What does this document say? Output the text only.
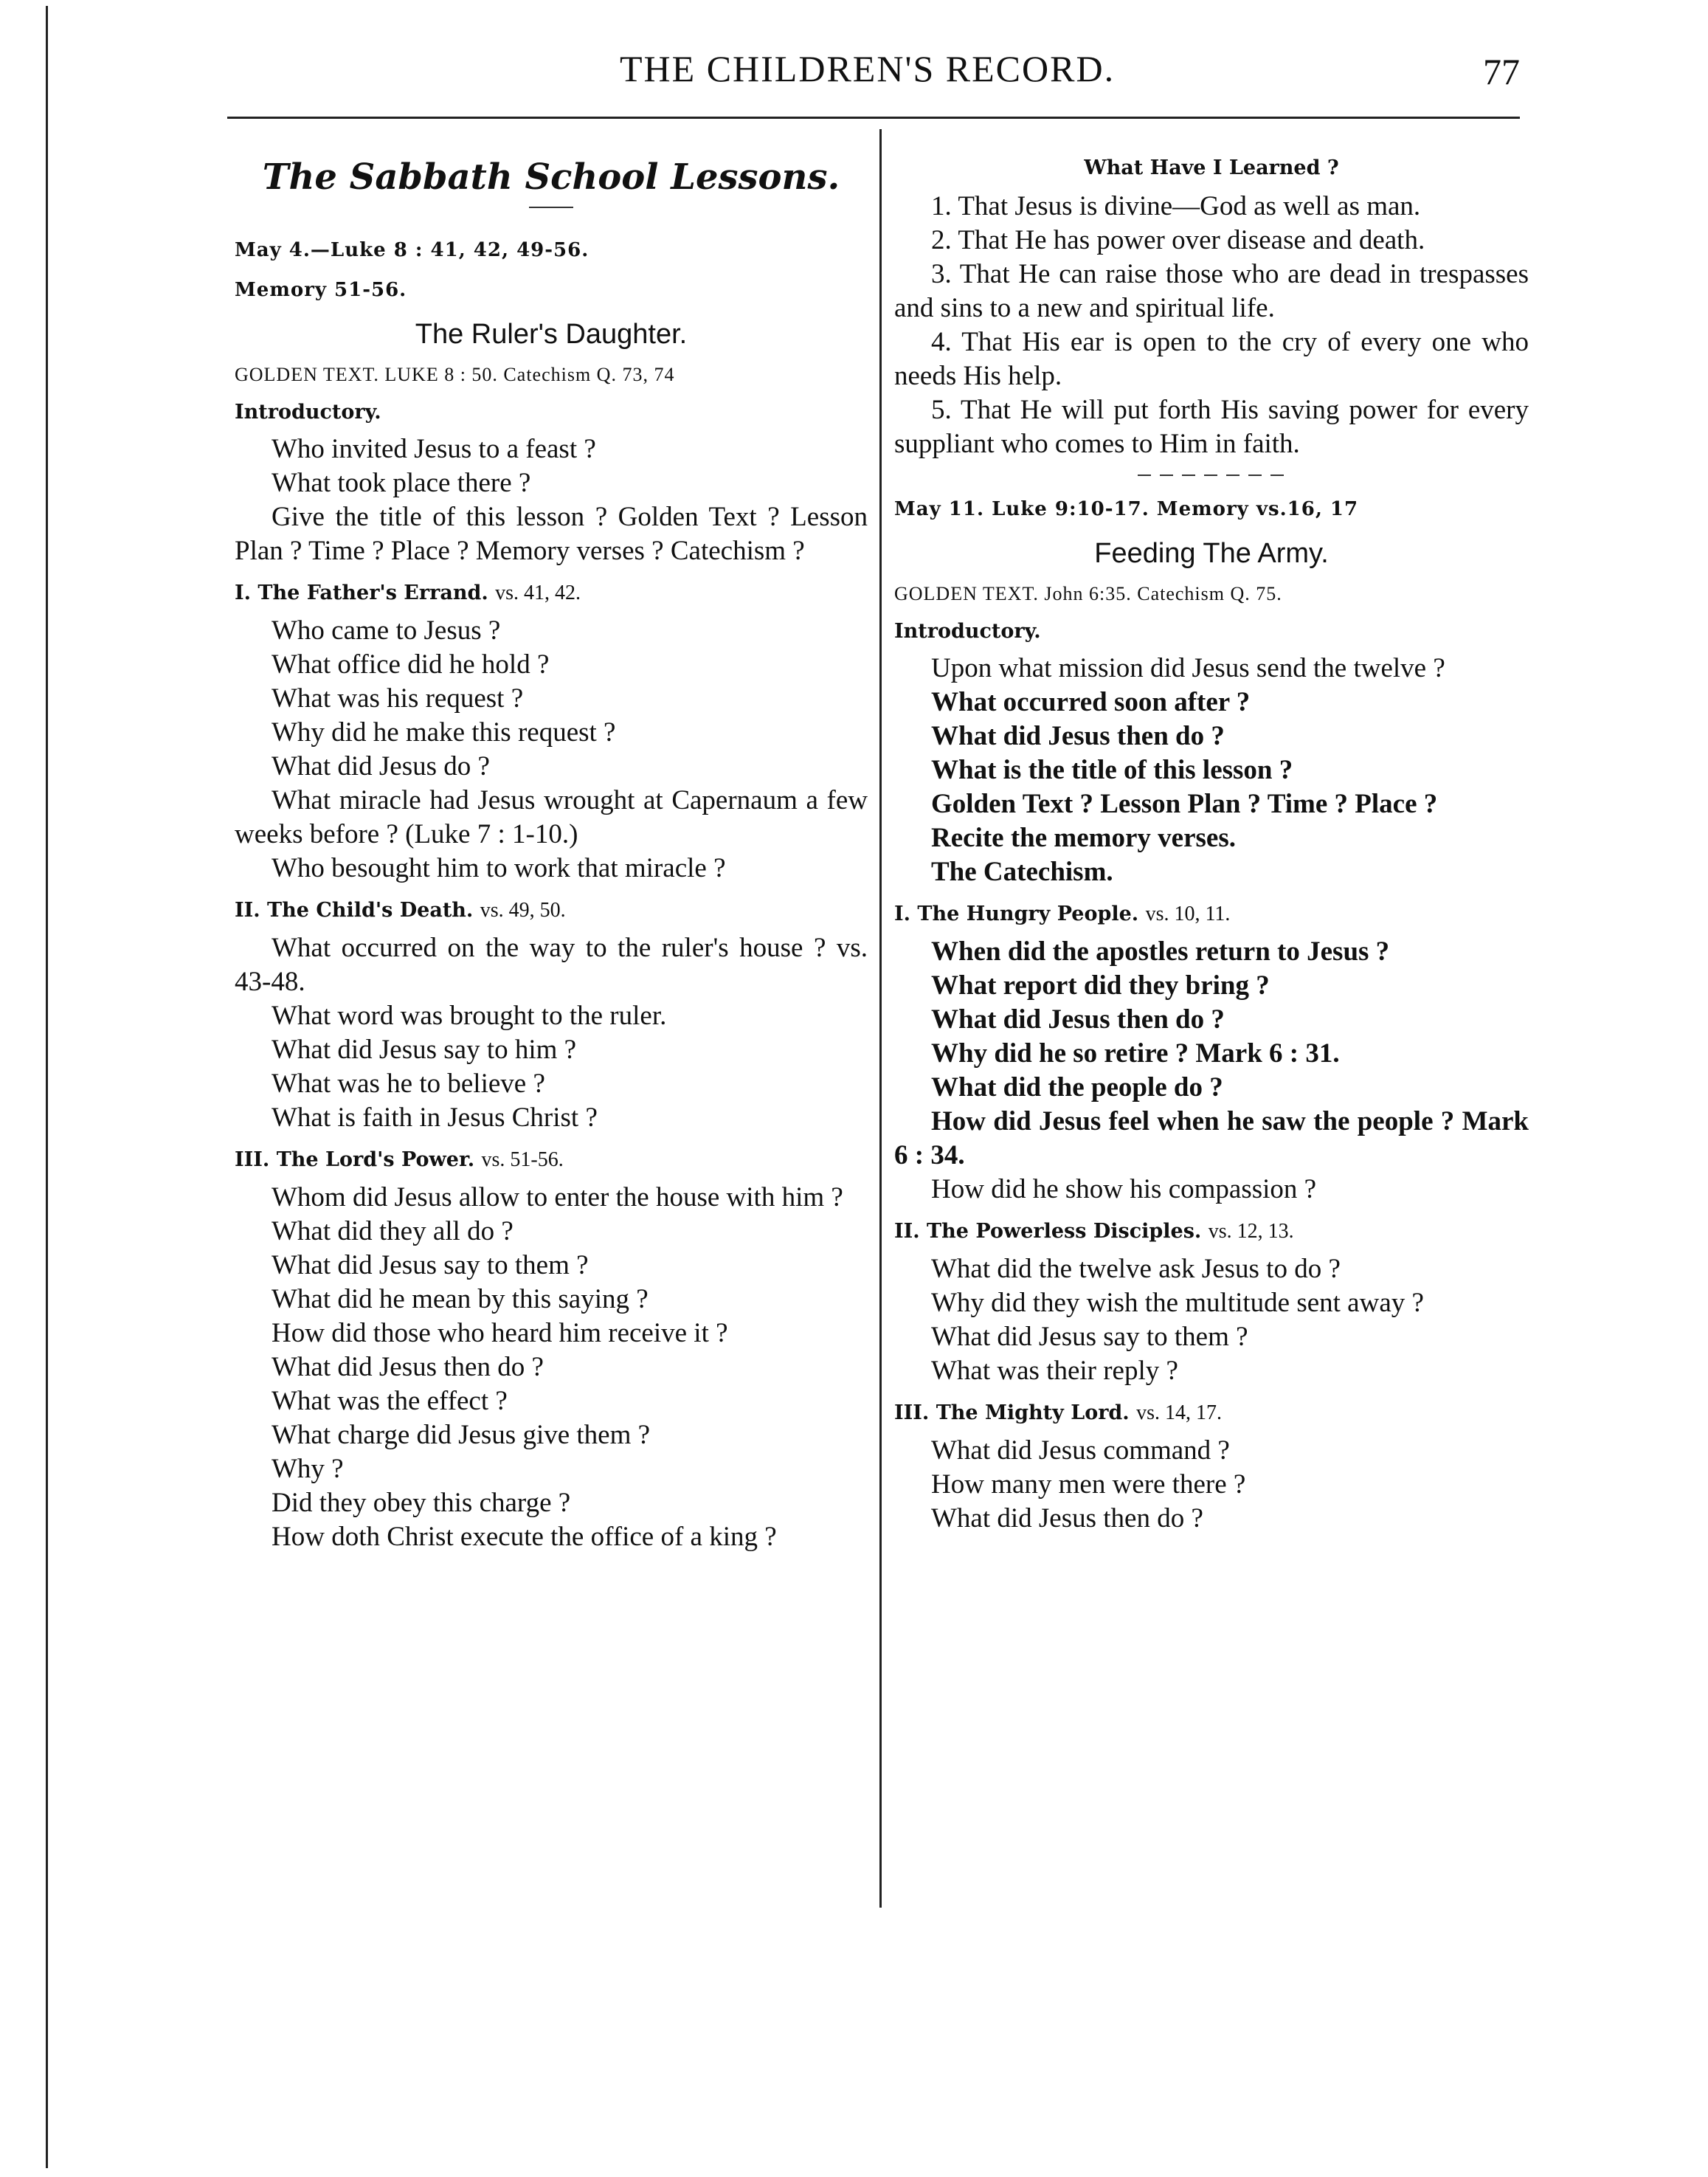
THE CHILDREN'S RECORD.	77
The Sabbath School Lessons.
May 4.—Luke 8 : 41, 42, 49-56.
Memory 51-56.
The Ruler's Daughter.
GOLDEN TEXT. LUKE 8 : 50. Catechism Q. 73, 74
Introductory.
Who invited Jesus to a feast ?
What took place there ?
Give the title of this lesson ? Golden Text ? Lesson Plan ? Time ? Place ? Memory verses ? Catechism ?
I. The Father's Errand. vs. 41, 42.
Who came to Jesus ?
What office did he hold ?
What was his request ?
Why did he make this request ?
What did Jesus do ?
What miracle had Jesus wrought at Capernaum a few weeks before ? (Luke 7 : 1-10.)
Who besought him to work that miracle ?
II. The Child's Death. vs. 49, 50.
What occurred on the way to the ruler's house ? vs. 43-48.
What word was brought to the ruler.
What did Jesus say to him ?
What was he to believe ?
What is faith in Jesus Christ ?
III. The Lord's Power. vs. 51-56.
Whom did Jesus allow to enter the house with him ?
What did they all do ?
What did Jesus say to them ?
What did he mean by this saying ?
How did those who heard him receive it ?
What did Jesus then do ?
What was the effect ?
What charge did Jesus give them ?
Why ?
Did they obey this charge ?
How doth Christ execute the office of a king ?
What Have I Learned ?
1. That Jesus is divine—God as well as man.
2. That He has power over disease and death.
3. That He can raise those who are dead in trespasses and sins to a new and spiritual life.
4. That His ear is open to the cry of every one who needs His help.
5. That He will put forth His saving power for every suppliant who comes to Him in faith.
May 11. Luke 9:10-17. Memory vs.16, 17
Feeding The Army.
GOLDEN TEXT. John 6:35. Catechism Q. 75.
Introductory.
Upon what mission did Jesus send the twelve ?
What occurred soon after ?
What did Jesus then do ?
What is the title of this lesson ?
Golden Text ? Lesson Plan ? Time ? Place ?
Recite the memory verses.
The Catechism.
I. The Hungry People. vs. 10, 11.
When did the apostles return to Jesus ?
What report did they bring ?
What did Jesus then do ?
Why did he so retire ? Mark 6 : 31.
What did the people do ?
How did Jesus feel when he saw the people ? Mark 6 : 34.
How did he show his compassion ?
II. The Powerless Disciples. vs. 12, 13.
What did the twelve ask Jesus to do ?
Why did they wish the multitude sent away ?
What did Jesus say to them ?
What was their reply ?
III. The Mighty Lord. vs. 14, 17.
What did Jesus command ?
How many men were there ?
What did Jesus then do ?
